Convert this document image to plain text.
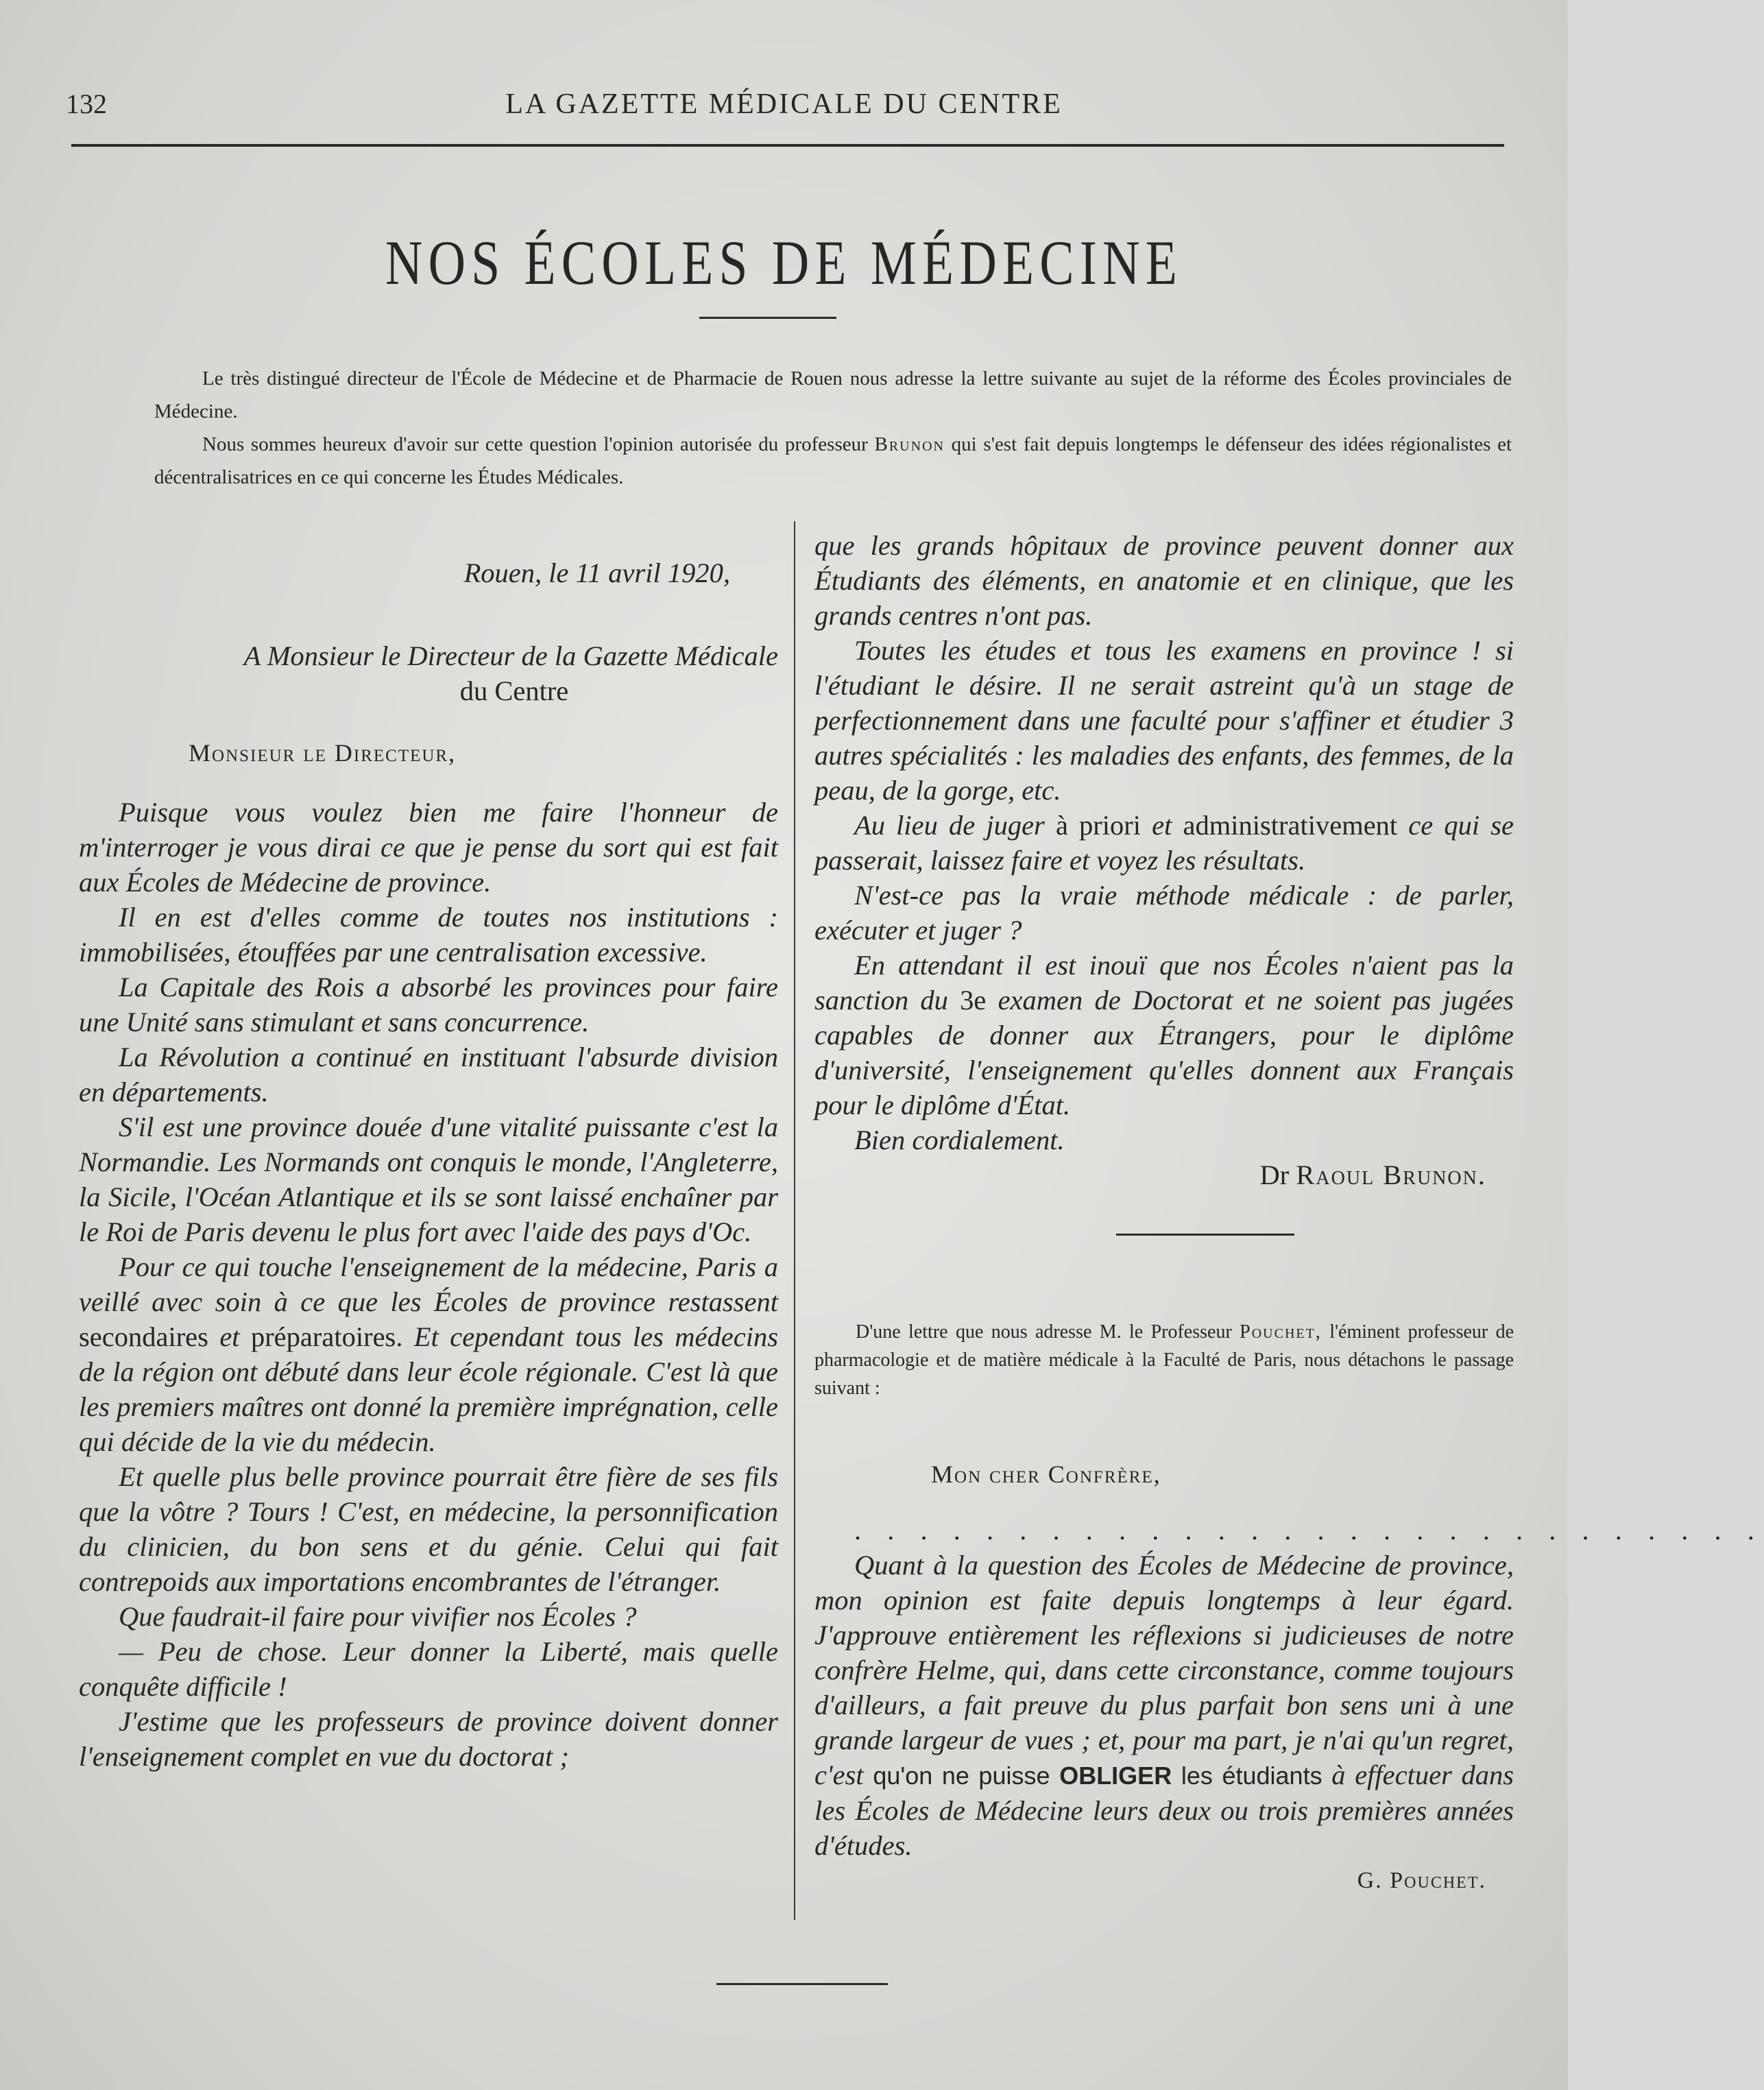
132	LA GAZETTE MÉDICALE DU CENTRE
NOS ÉCOLES DE MÉDECINE

Le très distingué directeur de l'École de Médecine et de Pharmacie de Rouen nous adresse la lettre suivante au sujet de la réforme des Écoles provinciales de Médecine.

Nous sommes heureux d'avoir sur cette question l'opinion autorisée du professeur Brunon qui s'est fait depuis longtemps le défenseur des idées régionalistes et décentralisatrices en ce qui concerne les Études Médicales.

Rouen, le 11 avril 1920,

A Monsieur le Directeur de la Gazette Médicale

du Centre

Monsieur le Directeur,

Puisque vous voulez bien me faire l'honneur de m'interroger je vous dirai ce que je pense du sort qui est fait aux Écoles de Médecine de province.

Il en est d'elles comme de toutes nos institutions : immobilisées, étouffées par une centralisation excessive.

La Capitale des Rois a absorbé les provinces pour faire une Unité sans stimulant et sans concurrence.

La Révolution a continué en instituant l'absurde division en départements.

S'il est une province douée d'une vitalité puissante c'est la Normandie. Les Normands ont conquis le monde, l'Angleterre, la Sicile, l'Océan Atlantique et ils se sont laissé enchaîner par le Roi de Paris devenu le plus fort avec l'aide des pays d'Oc.

Pour ce qui touche l'enseignement de la médecine, Paris a veillé avec soin à ce que les Écoles de province restassent secondaires et préparatoires. Et cependant tous les médecins de la région ont débuté dans leur école régionale. C'est là que les premiers maîtres ont donné la première imprégnation, celle qui décide de la vie du médecin.

Et quelle plus belle province pourrait être fière de ses fils que la vôtre ? Tours ! C'est, en médecine, la personnification du clinicien, du bon sens et du génie. Celui qui fait contrepoids aux importations encombrantes de l'étranger.

Que faudrait-il faire pour vivifier nos Écoles ?

— Peu de chose. Leur donner la Liberté, mais quelle conquête difficile !

J'estime que les professeurs de province doivent donner l'enseignement complet en vue du doctorat ;

que les grands hôpitaux de province peuvent donner aux Étudiants des éléments, en anatomie et en clinique, que les grands centres n'ont pas.

Toutes les études et tous les examens en province ! si l'étudiant le désire. Il ne serait astreint qu'à un stage de perfectionnement dans une faculté pour s'affiner et étudier 3 autres spécialités : les maladies des enfants, des femmes, de la peau, de la gorge, etc.

Au lieu de juger à priori et administrativement ce qui se passerait, laissez faire et voyez les résultats.

N'est-ce pas la vraie méthode médicale : de parler, exécuter et juger ?

En attendant il est inouï que nos Écoles n'aient pas la sanction du 3e examen de Doctorat et ne soient pas jugées capables de donner aux Étrangers, pour le diplôme d'université, l'enseignement qu'elles donnent aux Français pour le diplôme d'État.

Bien cordialement.

Dr Raoul Brunon.

D'une lettre que nous adresse M. le Professeur Pouchet, l'éminent professeur de pharmacologie et de matière médicale à la Faculté de Paris, nous détachons le passage suivant :

Mon cher Confrère,

. . . . . . . . . . . . . . . . . . . . . . . . . . . .

Quant à la question des Écoles de Médecine de province, mon opinion est faite depuis longtemps à leur égard. J'approuve entièrement les réflexions si judicieuses de notre confrère Helme, qui, dans cette circonstance, comme toujours d'ailleurs, a fait preuve du plus parfait bon sens uni à une grande largeur de vues ; et, pour ma part, je n'ai qu'un regret, c'est qu'on ne puisse OBLIGER les étudiants à effectuer dans les Écoles de Médecine leurs deux ou trois premières années d'études.

G. Pouchet.
